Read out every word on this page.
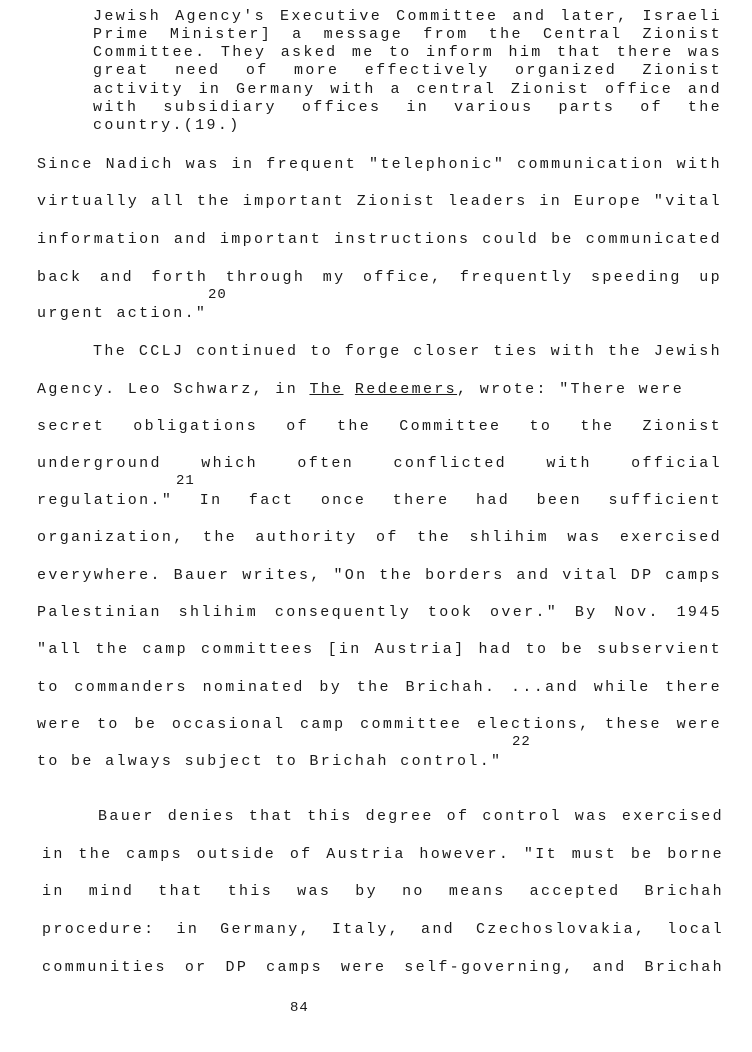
Jewish Agency's Executive Committee and later, Israeli
Prime Minister] a message from the Central Zionist
Committee. They asked me to inform him that there was
great need of more effectively organized Zionist
activity in Germany with a central Zionist office and
with subsidiary offices in various parts of the
country.(19.)
Since Nadich was in frequent "telephonic" communication with
virtually all the important Zionist leaders in Europe "vital
information and important instructions could be communicated
back and forth through my office, frequently speeding up
20
urgent action."
The CCLJ continued to forge closer ties with the Jewish
Agency. Leo Schwarz, in The Redeemers, wrote: "There were
secret obligations of the Committee to the Zionist
underground which often conflicted with official
21
regulation." In fact once there had been sufficient
organization, the authority of the shlihim was exercised
everywhere. Bauer writes, "On the borders and vital DP camps
Palestinian shlihim consequently took over." By Nov. 1945
"all the camp committees [in Austria] had to be subservient
to commanders nominated by the Brichah. ...and while there
were to be occasional camp committee elections, these were
22
to be always subject to Brichah control."
Bauer denies that this degree of control was exercised
in the camps outside of Austria however. "It must be borne
in mind that this was by no means accepted Brichah
procedure: in Germany, Italy, and Czechoslovakia, local
communities or DP camps were self-governing, and Brichah
84
